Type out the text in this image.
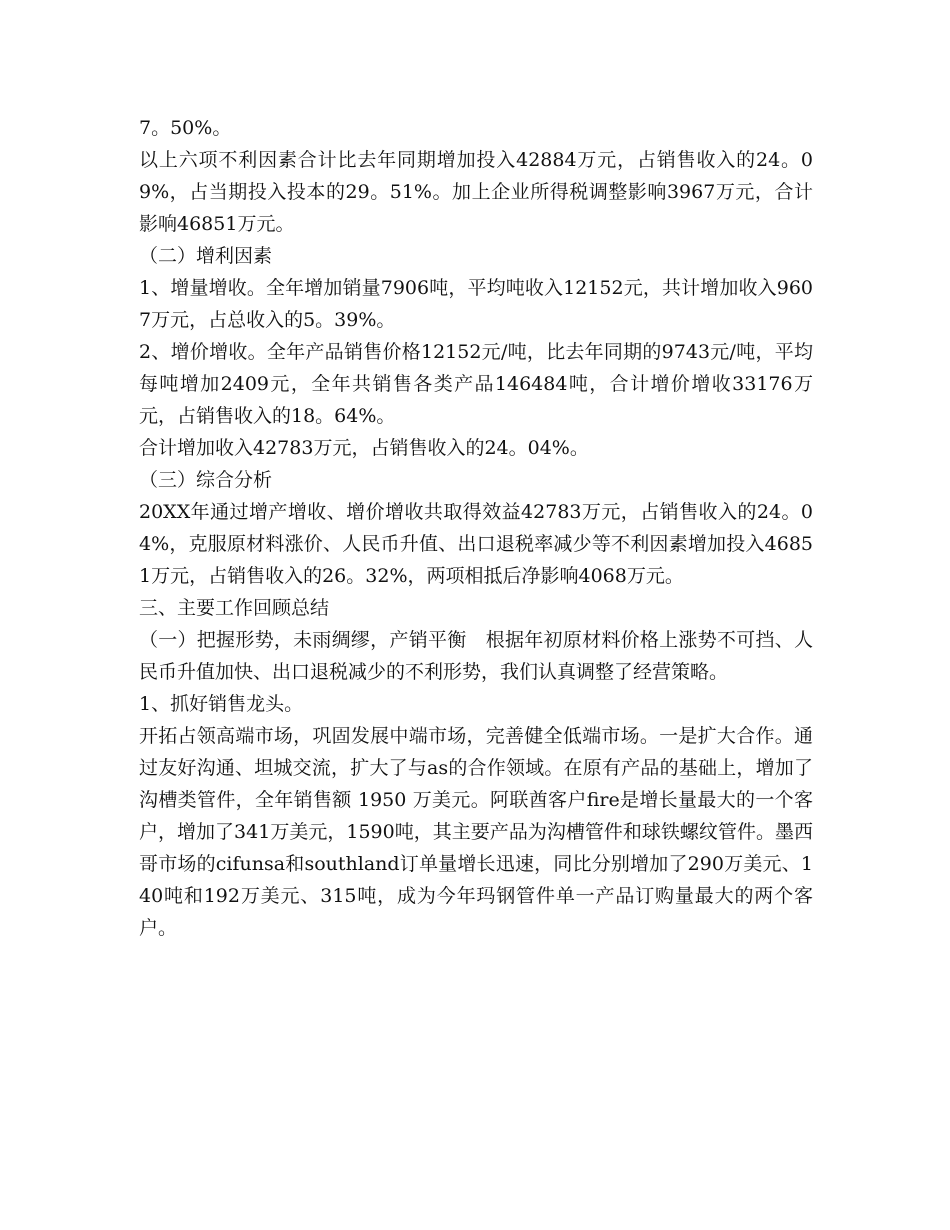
7。50%。

以上六项不利因素合计比去年同期增加投入42884万元，占销售收入的24。09%，占当期投入投本的29。51%。加上企业所得税调整影响3967万元，合计影响46851万元。

（二）增利因素

1、增量增收。全年增加销量7906吨，平均吨收入12152元，共计增加收入9607万元，占总收入的5。39%。

2、增价增收。全年产品销售价格12152元/吨，比去年同期的9743元/吨，平均每吨增加2409元，全年共销售各类产品146484吨，合计增价增收33176万元，占销售收入的18。64%。

合计增加收入42783万元，占销售收入的24。04%。

（三）综合分析

20XX年通过增产增收、增价增收共取得效益42783万元，占销售收入的24。04%，克服原材料涨价、人民币升值、出口退税率减少等不利因素增加投入46851万元，占销售收入的26。32%，两项相抵后净影响4068万元。

三、主要工作回顾总结

（一）把握形势，未雨绸缪，产销平衡　根据年初原材料价格上涨势不可挡、人民币升值加快、出口退税减少的不利形势，我们认真调整了经营策略。

1、抓好销售龙头。

开拓占领高端市场，巩固发展中端市场，完善健全低端市场。一是扩大合作。通过友好沟通、坦城交流，扩大了与as的合作领域。在原有产品的基础上，增加了沟槽类管件，全年销售额 1950 万美元。阿联酋客户fire是增长量最大的一个客户，增加了341万美元，1590吨，其主要产品为沟槽管件和球铁螺纹管件。墨西哥市场的cifunsa和southland订单量增长迅速，同比分别增加了290万美元、140吨和192万美元、315吨，成为今年玛钢管件单一产品订购量最大的两个客户。
